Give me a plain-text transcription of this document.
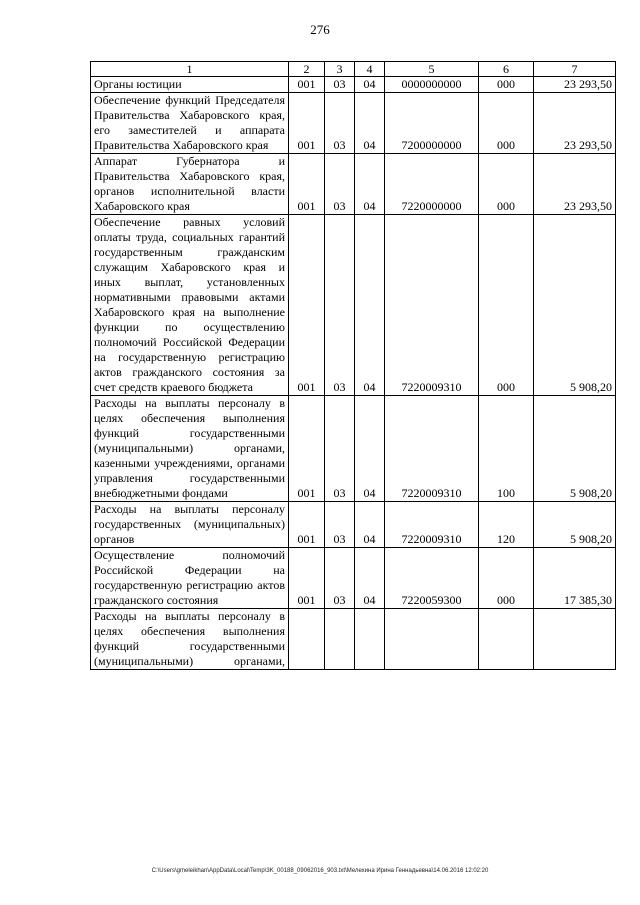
276
1	2	3	4	5	6	7
Органы юстиции	001	03	04	0000000000	000	23 293,50
Обеспечение функций Председателя Правительства Хабаровского края, его заместителей и аппарата Правительства Хабаровского края	001	03	04	7200000000	000	23 293,50
Аппарат Губернатора и Правительства Хабаровского края, органов исполнительной власти Хабаровского края	001	03	04	7220000000	000	23 293,50
Обеспечение равных условий оплаты труда, социальных гарантий государственным гражданским служащим Хабаровского края и иных выплат, установленных нормативными правовыми актами Хабаровского края на выполнение функции по осуществлению полномочий Российской Федерации на государственную регистрацию актов гражданского состояния за счет средств краевого бюджета	001	03	04	7220009310	000	5 908,20
Расходы на выплаты персоналу в целях обеспечения выполнения функций государственными (муниципальными) органами, казенными учреждениями, органами управления государственными внебюджетными фондами	001	03	04	7220009310	100	5 908,20
Расходы на выплаты персоналу государственных (муниципальных) органов	001	03	04	7220009310	120	5 908,20
Осуществление полномочий Российской Федерации на государственную регистрацию актов гражданского состояния	001	03	04	7220059300	000	17 385,30
Расходы на выплаты персоналу в целях обеспечения выполнения функций государственными (муниципальными) органами,						
C:\Users\gmeleikhan\AppData\Local\Temp\3K_00188_09062016_903.txt\Мелехина Ирина Геннадьевна\14.06.2016 12:02:20
